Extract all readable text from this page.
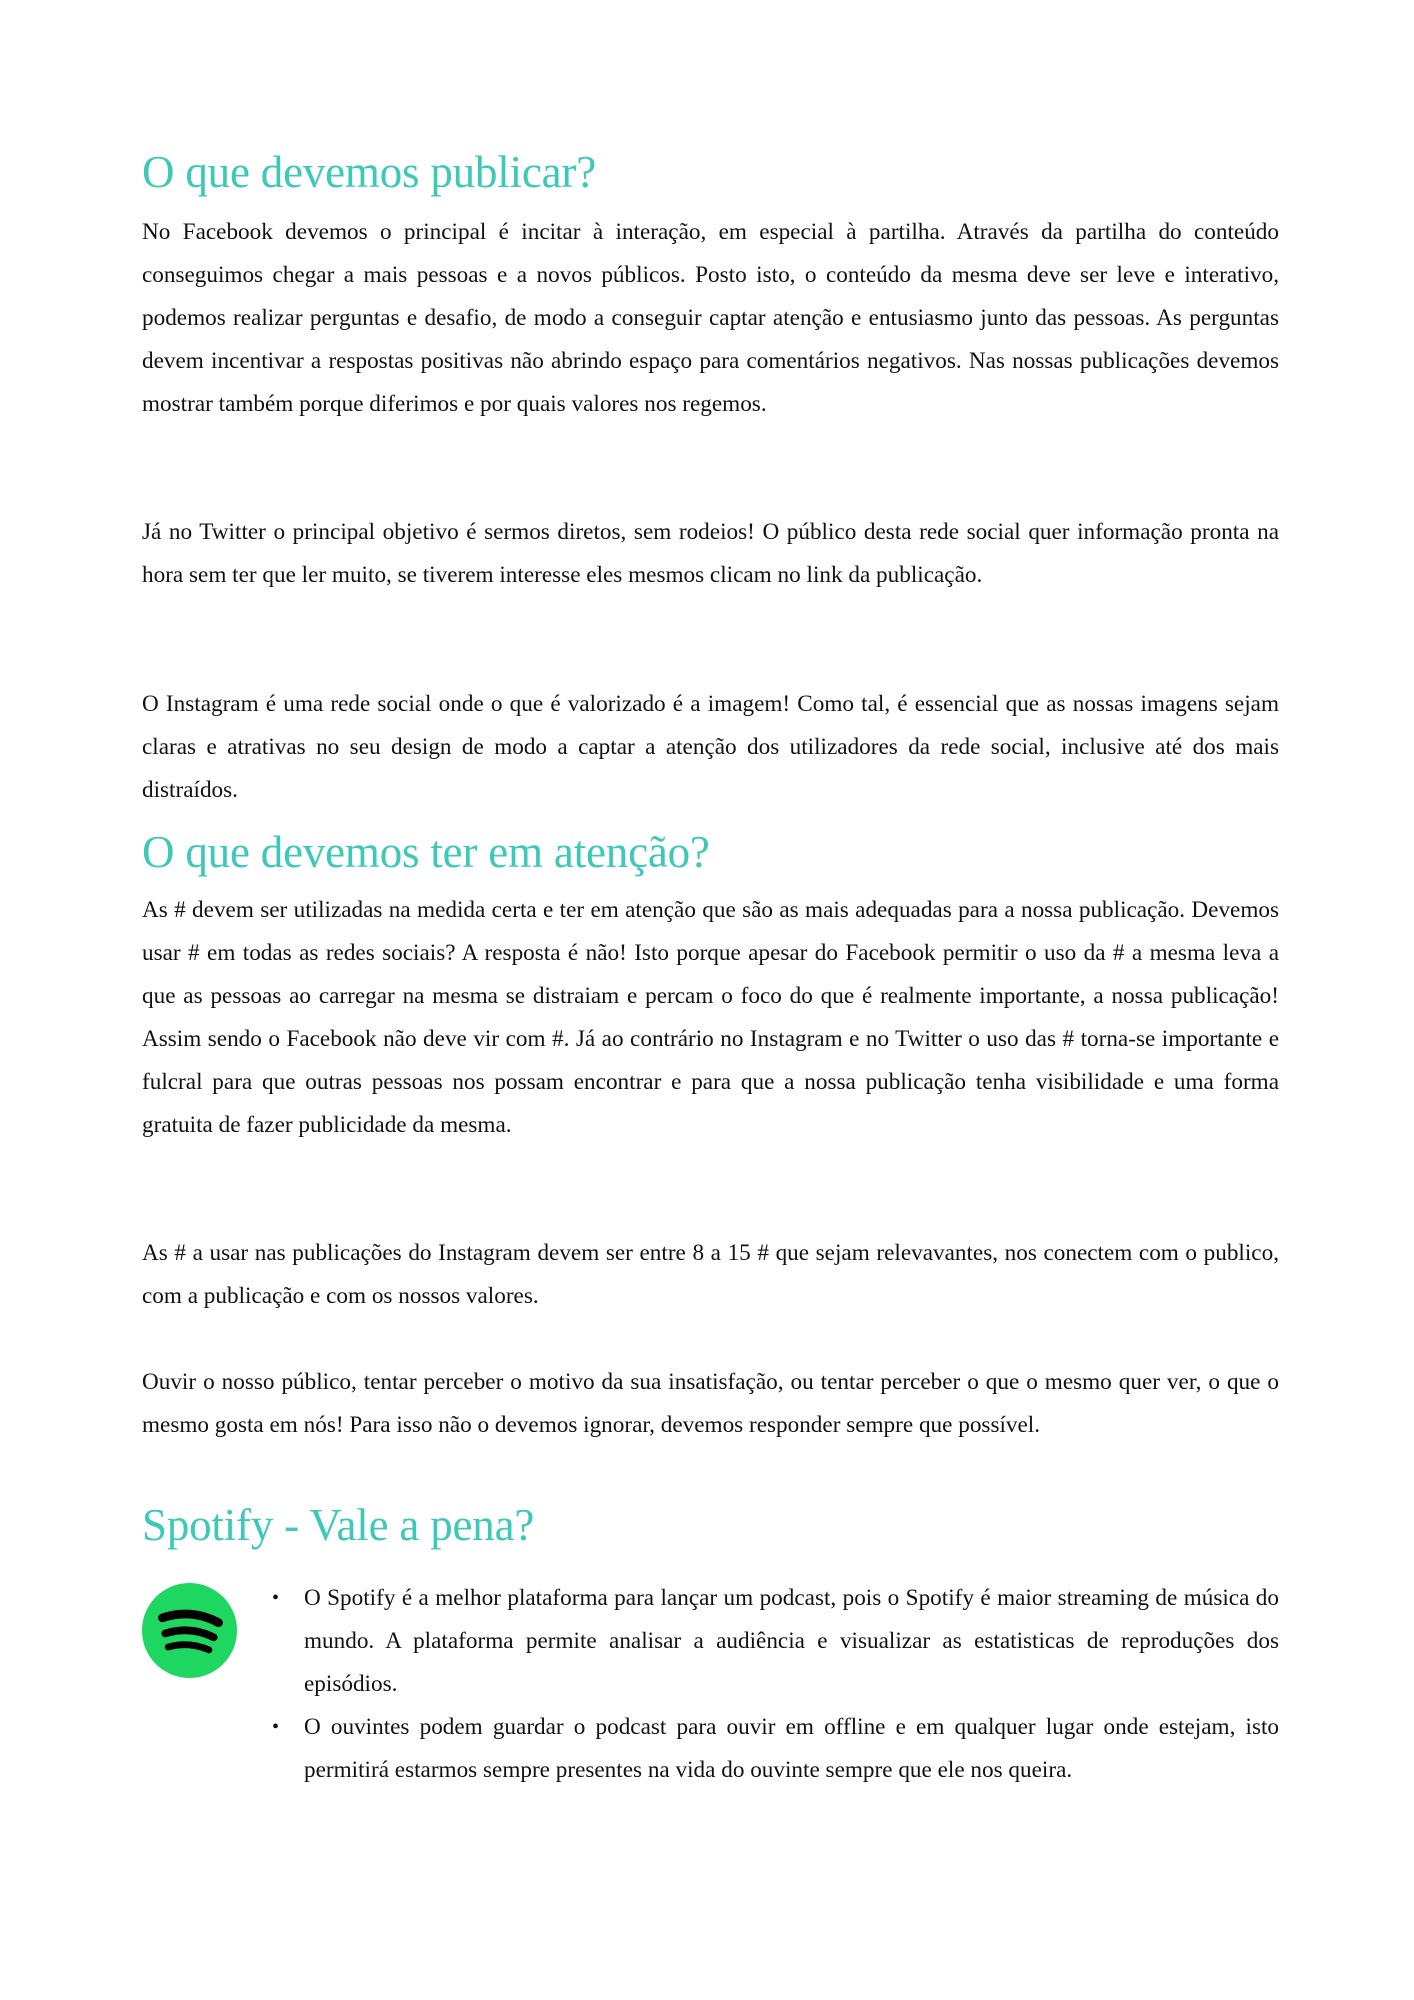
O que devemos publicar?

No Facebook devemos o principal é incitar à interação, em especial à partilha. Através da partilha do conteúdo conseguimos chegar a mais pessoas e a novos públicos. Posto isto, o conteúdo da mesma deve ser leve e interativo, podemos realizar perguntas e desafio, de modo a conseguir captar atenção e entusiasmo junto das pessoas. As perguntas devem incentivar a respostas positivas não abrindo espaço para comentários negativos. Nas nossas publicações devemos mostrar também porque diferimos e por quais valores nos regemos.

Já no Twitter o principal objetivo é sermos diretos, sem rodeios! O público desta rede social quer informação pronta na hora sem ter que ler muito, se tiverem interesse eles mesmos clicam no link da publicação.

O Instagram é uma rede social onde o que é valorizado é a imagem! Como tal, é essencial que as nossas imagens sejam claras e atrativas no seu design de modo a captar a atenção dos utilizadores da rede social, inclusive até dos mais distraídos.

O que devemos ter em atenção?

As # devem ser utilizadas na medida certa e ter em atenção que são as mais adequadas para a nossa publicação. Devemos usar # em todas as redes sociais? A resposta é não! Isto porque apesar do Facebook permitir o uso da # a mesma leva a que as pessoas ao carregar na mesma se distraiam e percam o foco do que é realmente importante, a nossa publicação! Assim sendo o Facebook não deve vir com #. Já ao contrário no Instagram e no Twitter o uso das # torna-se importante e fulcral para que outras pessoas nos possam encontrar e para que a nossa publicação tenha visibilidade e uma forma gratuita de fazer publicidade da mesma.

As # a usar nas publicações do Instagram devem ser entre 8 a 15 # que sejam relevavantes, nos conectem com o publico, com a publicação e com os nossos valores.

Ouvir o nosso público, tentar perceber o motivo da sua insatisfação, ou tentar perceber o que o mesmo quer ver, o que o mesmo gosta em nós! Para isso não o devemos ignorar, devemos responder sempre que possível.

Spotify - Vale a pena?
• O Spotify é a melhor plataforma para lançar um podcast, pois o Spotify é maior streaming de música do mundo. A plataforma permite analisar a audiência e visualizar as estatisticas de reproduções dos episódios.
• O ouvintes podem guardar o podcast para ouvir em offline e em qualquer lugar onde estejam, isto permitirá estarmos sempre presentes na vida do ouvinte sempre que ele nos queira.
